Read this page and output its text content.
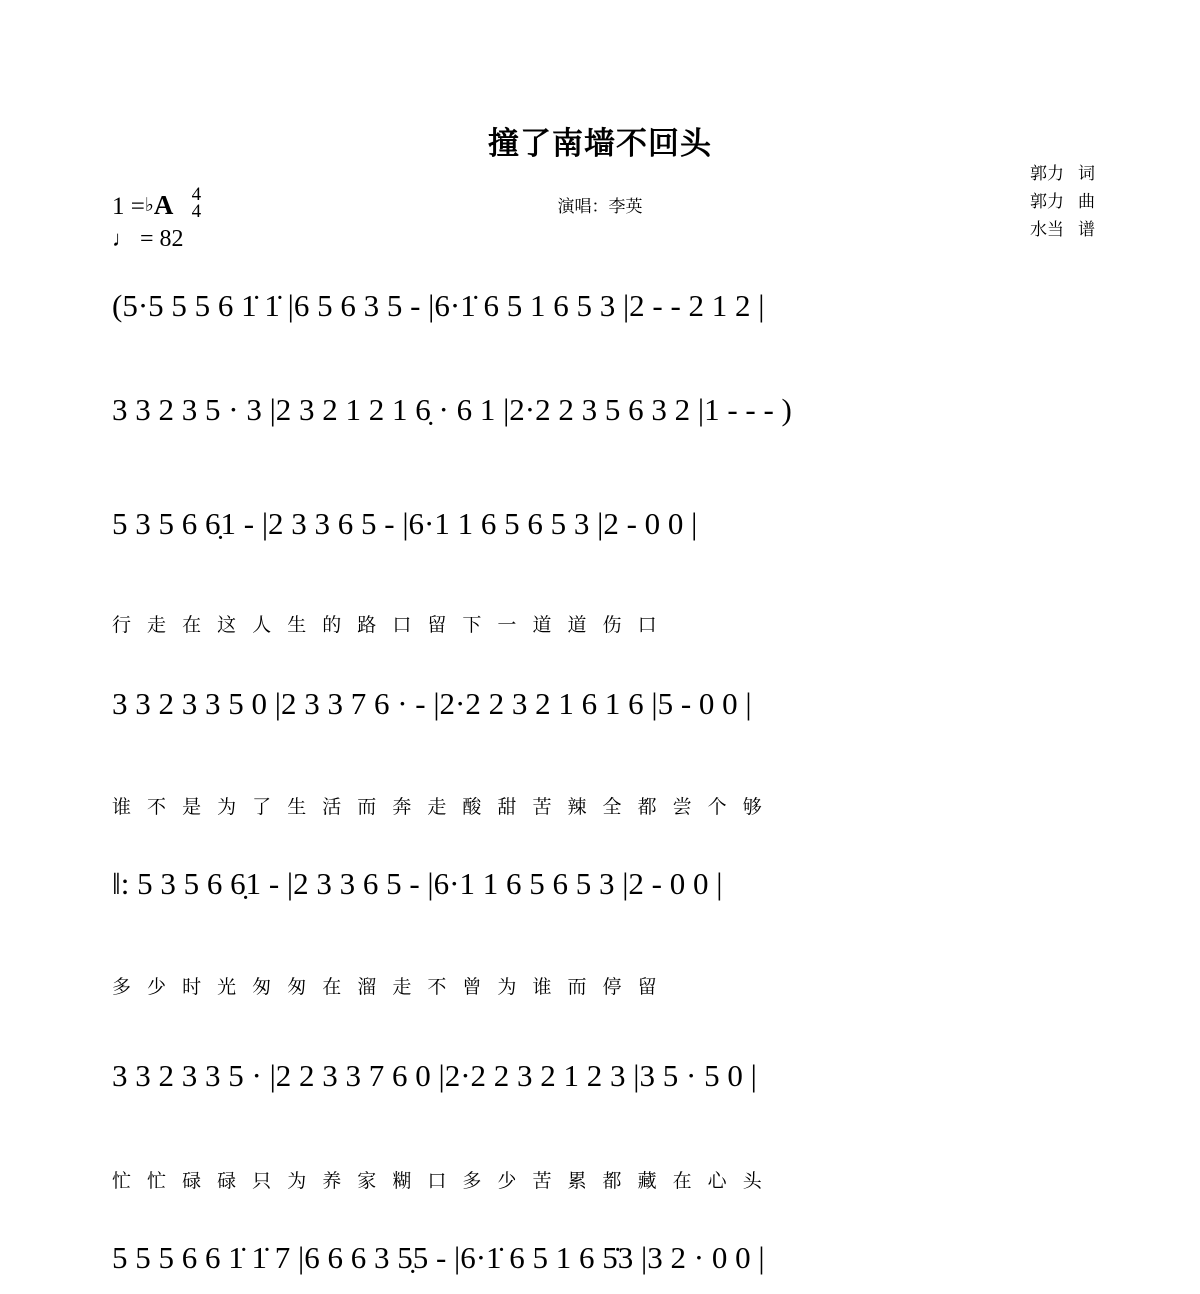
撞了南墙不回头
演唱：李英
郭力 词
郭力 曲
水当 谱
1 =♭A 4
4
♩ = 82
(5·5 5 5 6 1̇ 1̇ |6 5 6 3 5 - |6·1̇ 6 5 1 6 5 3 |2 - - 2 1 2 |
3 3 2 3 5 · 3 |2 3 2 1 2 1 6̣ · 6 1 |2·2 2 3 5 6 3 2 |1 - - - )
5 3 5 6 6̣1 - |2 3 3 6 5 - |6·1 1 6 5 6 5 3 |2 - 0 0 |
行 走 在 这 人 生 的 路 口 留 下 一 道 道 伤 口
3 3 2 3 3 5 0 |2 3 3 7 6 · - |2·2 2 3 2 1 6 1 6 |5 - 0 0 |
谁 不 是 为 了 生 活 而 奔 走 酸 甜 苦 辣 全 都 尝 个 够
‖: 5 3 5 6 6̣1 - |2 3 3 6 5 - |6·1 1 6 5 6 5 3 |2 - 0 0 |
多 少 时 光 匆 匆 在 溜 走 不 曾 为 谁 而 停 留
3 3 2 3 3 5 · |2 2 3 3 7 6 0 |2·2 2 3 2 1 2 3 |3 5 · 5 0 |
忙 忙 碌 碌 只 为 养 家 糊 口 多 少 苦 累 都 藏 在 心 头
5 5 5 6 6 1̇ 1̇ 7 |6 6 6 3 5̣5 - |6·1̇ 6 5 1 6 5̇3 |3 2 · 0 0 |
